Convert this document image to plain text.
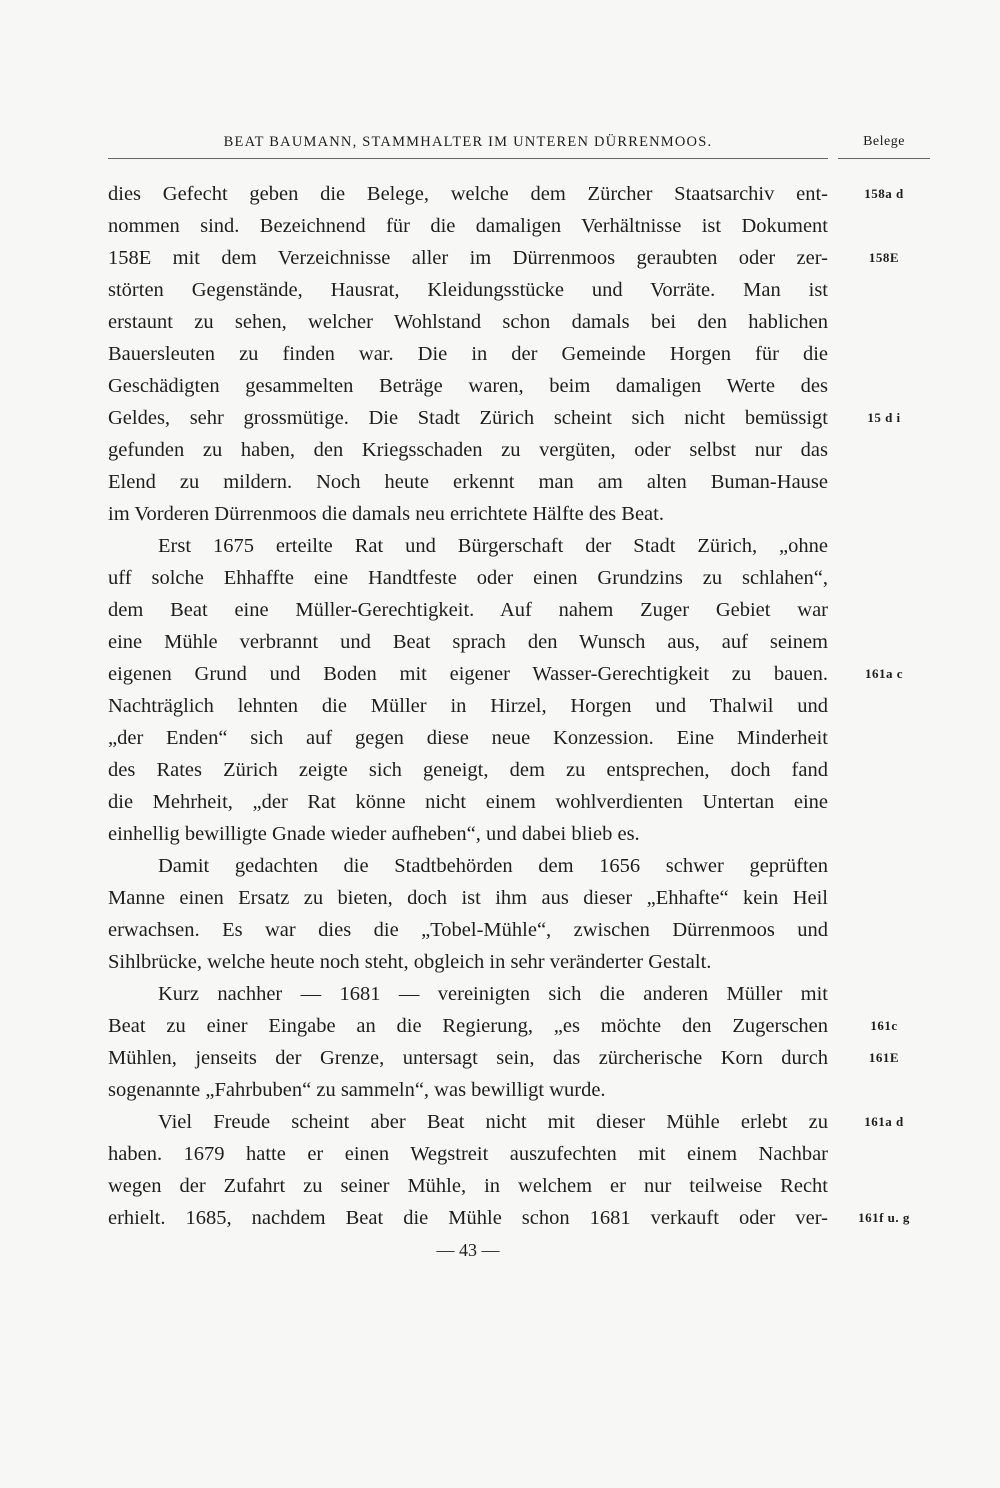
BEAT BAUMANN, STAMMHALTER IM UNTEREN DÜRRENMOOS.	Belege
dies Gefecht geben die Belege, welche dem Zürcher Staatsarchiv ent-
nommen sind. Bezeichnend für die damaligen Verhältnisse ist Dokument
158E mit dem Verzeichnisse aller im Dürrenmoos geraubten oder zer-
störten Gegenstände, Hausrat, Kleidungsstücke und Vorräte. Man ist
erstaunt zu sehen, welcher Wohlstand schon damals bei den hablichen
Bauersleuten zu finden war. Die in der Gemeinde Horgen für die
Geschädigten gesammelten Beträge waren, beim damaligen Werte des
Geldes, sehr grossmütige. Die Stadt Zürich scheint sich nicht bemüssigt
gefunden zu haben, den Kriegsschaden zu vergüten, oder selbst nur das
Elend zu mildern. Noch heute erkennt man am alten Buman-Hause
im Vorderen Dürrenmoos die damals neu errichtete Hälfte des Beat.
Erst 1675 erteilte Rat und Bürgerschaft der Stadt Zürich, „ohne
uff solche Ehhaffte eine Handtfeste oder einen Grundzins zu schlahen“,
dem Beat eine Müller-Gerechtigkeit. Auf nahem Zuger Gebiet war
eine Mühle verbrannt und Beat sprach den Wunsch aus, auf seinem
eigenen Grund und Boden mit eigener Wasser-Gerechtigkeit zu bauen.
Nachträglich lehnten die Müller in Hirzel, Horgen und Thalwil und
„der Enden“ sich auf gegen diese neue Konzession. Eine Minderheit
des Rates Zürich zeigte sich geneigt, dem zu entsprechen, doch fand
die Mehrheit, „der Rat könne nicht einem wohlverdienten Untertan eine
einhellig bewilligte Gnade wieder aufheben“, und dabei blieb es.
Damit gedachten die Stadtbehörden dem 1656 schwer geprüften
Manne einen Ersatz zu bieten, doch ist ihm aus dieser „Ehhafte“ kein Heil
erwachsen. Es war dies die „Tobel-Mühle“, zwischen Dürrenmoos und
Sihlbrücke, welche heute noch steht, obgleich in sehr veränderter Gestalt.
Kurz nachher — 1681 — vereinigten sich die anderen Müller mit
Beat zu einer Eingabe an die Regierung, „es möchte den Zugerschen
Mühlen, jenseits der Grenze, untersagt sein, das zürcherische Korn durch
sogenannte „Fahrbuben“ zu sammeln“, was bewilligt wurde.
Viel Freude scheint aber Beat nicht mit dieser Mühle erlebt zu
haben. 1679 hatte er einen Wegstreit auszufechten mit einem Nachbar
wegen der Zufahrt zu seiner Mühle, in welchem er nur teilweise Recht
erhielt. 1685, nachdem Beat die Mühle schon 1681 verkauft oder ver-
158a d
158E
15 d i
161a c
161c
161E
161a d
161f u. g
— 43 —
